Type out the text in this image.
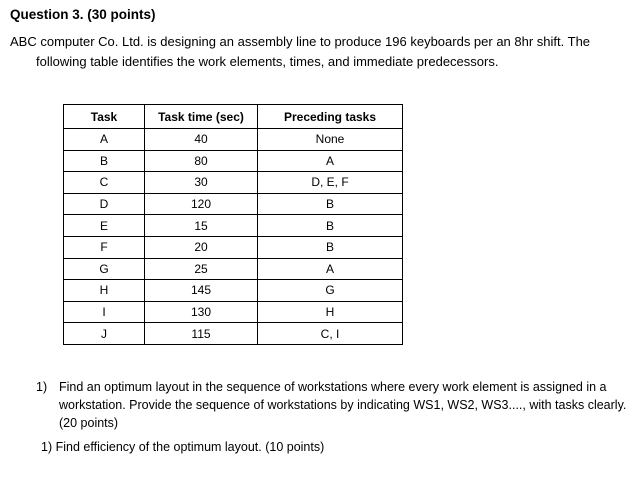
Question 3. (30 points)
ABC computer Co. Ltd. is designing an assembly line to produce 196 keyboards per an 8hr shift. The
following table identifies the work elements, times, and immediate predecessors.
Task	Task time (sec)	Preceding tasks
A	40	None
B	80	A
C	30	D, E, F
D	120	B
E	15	B
F	20	B
G	25	A
H	145	G
I	130	H
J	115	C, I
1) Find an optimum layout in the sequence of workstations where every work element is assigned in a workstation. Provide the sequence of workstations by indicating WS1, WS2, WS3...., with tasks clearly. (20 points)
1) Find efficiency of the optimum layout. (10 points)
